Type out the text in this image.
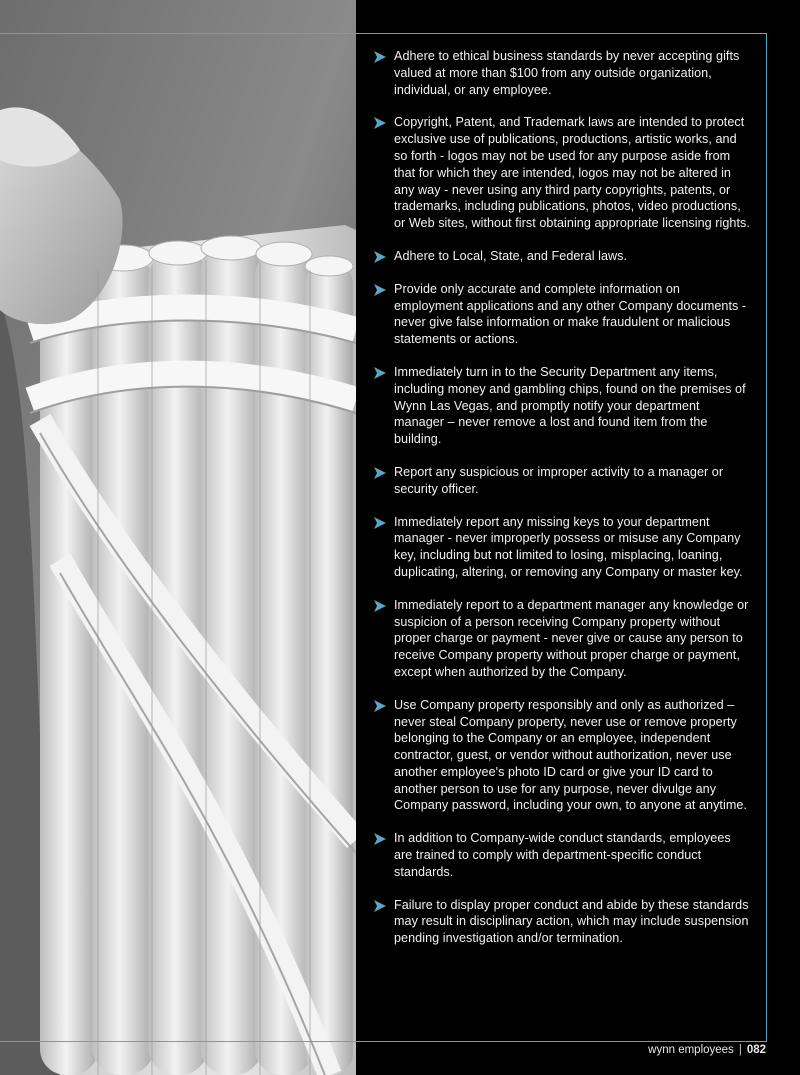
Adhere to ethical business standards by never accepting gifts valued at more than $100 from any outside organization, individual, or any employee.
Copyright, Patent, and Trademark laws are intended to protect exclusive use of publications, productions, artistic works, and so forth - logos may not be used for any purpose aside from that for which they are intended, logos may not be altered in any way - never using any third party copyrights, patents, or trademarks, including publications, photos, video productions, or Web sites, without first obtaining appropriate licensing rights.
Adhere to Local, State, and Federal laws.
Provide only accurate and complete information on employment applications and any other Company documents - never give false information or make fraudulent or malicious statements or actions.
Immediately turn in to the Security Department any items, including money and gambling chips, found on the premises of Wynn Las Vegas, and promptly notify your department manager – never remove a lost and found item from the building.
Report any suspicious or improper activity to a manager or security officer.
Immediately report any missing keys to your department manager - never improperly possess or misuse any Company key, including but not limited to losing, misplacing, loaning, duplicating, altering, or removing any Company or master key.
Immediately report to a department manager any knowledge or suspicion of a person receiving Company property without proper charge or payment - never give or cause any person to receive Company property without proper charge or payment, except when authorized by the Company.
Use Company property responsibly and only as authorized – never steal Company property, never use or remove property belonging to the Company or an employee, independent contractor, guest, or vendor without authorization, never use another employee's photo ID card or give your ID card to another person to use for any purpose, never divulge any Company password, including your own, to anyone at anytime.
In addition to Company-wide conduct standards, employees are trained to comply with department-specific conduct standards.
Failure to display proper conduct and abide by these standards may result in disciplinary action, which may include suspension pending investigation and/or termination.
wynn employees | 082
